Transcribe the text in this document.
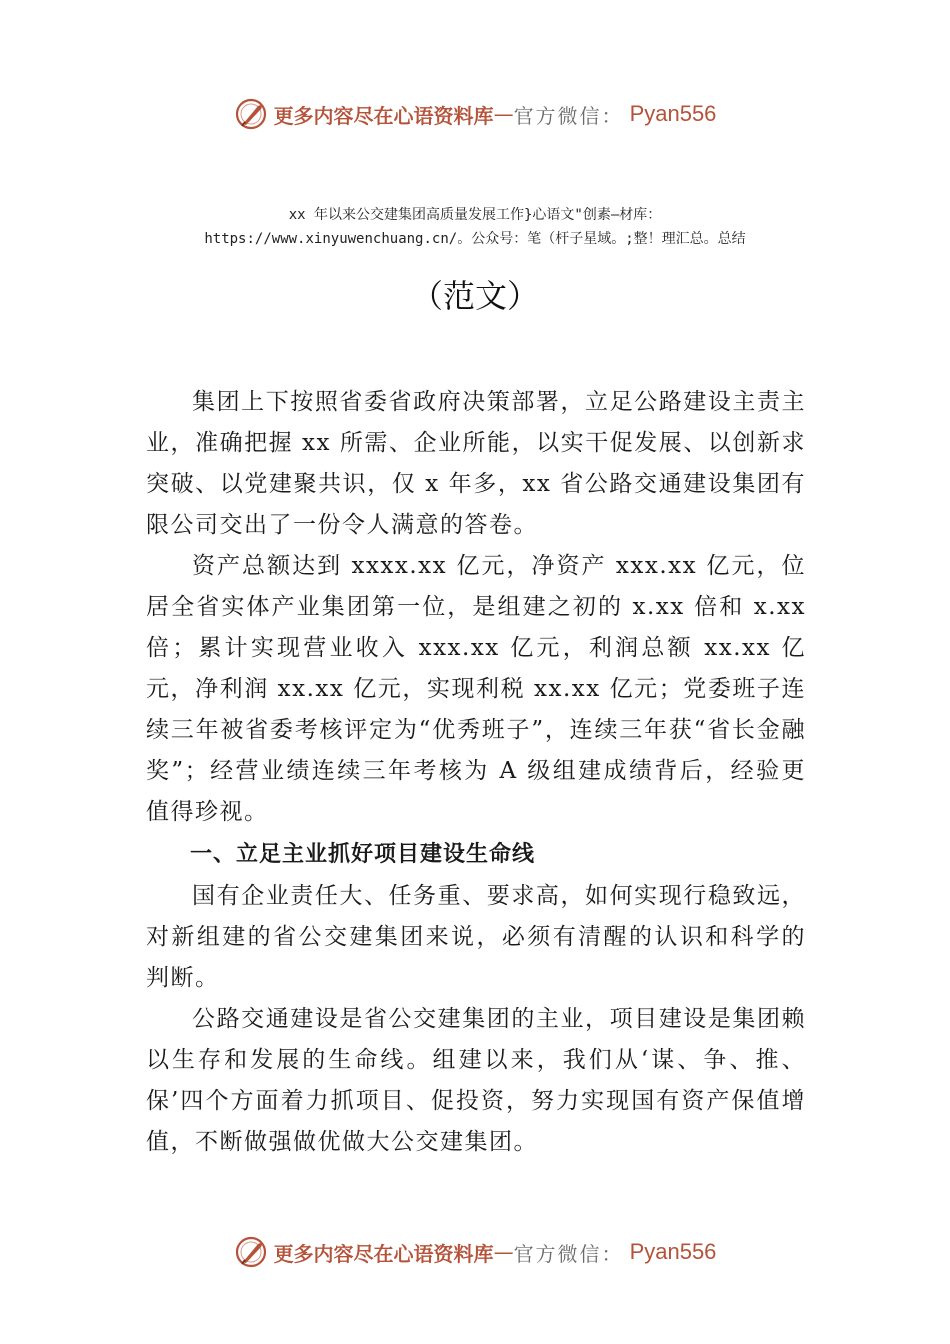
更多内容尽在心语资料库 — 官方微信： Pyan556
xx 年以来公交建集团高质量发展工作}心语文"创素—材库：
https://www.xinyuwenchuang.cn/。公众号：笔（杆子星域。;整！理汇总。总结
（范文）

集团上下按照省委省政府决策部署，立足公路建设主责主业，准确把握 xx 所需、企业所能，以实干促发展、以创新求突破、以党建聚共识，仅 x 年多，xx 省公路交通建设集团有限公司交出了一份令人满意的答卷。

资产总额达到 xxxx.xx 亿元，净资产 xxx.xx 亿元，位居全省实体产业集团第一位，是组建之初的 x.xx 倍和 x.xx 倍；累计实现营业收入 xxx.xx 亿元，利润总额 xx.xx 亿元，净利润 xx.xx 亿元，实现利税 xx.xx 亿元；党委班子连续三年被省委考核评定为“优秀班子”，连续三年获“省长金融奖”；经营业绩连续三年考核为 A 级组建成绩背后，经验更值得珍视。

一、立足主业抓好项目建设生命线

国有企业责任大、任务重、要求高，如何实现行稳致远，对新组建的省公交建集团来说，必须有清醒的认识和科学的判断。

公路交通建设是省公交建集团的主业，项目建设是集团赖以生存和发展的生命线。组建以来，我们从‘谋、争、推、保’四个方面着力抓项目、促投资，努力实现国有资产保值增值，不断做强做优做大公交建集团。

更多内容尽在心语资料库 — 官方微信： Pyan556
